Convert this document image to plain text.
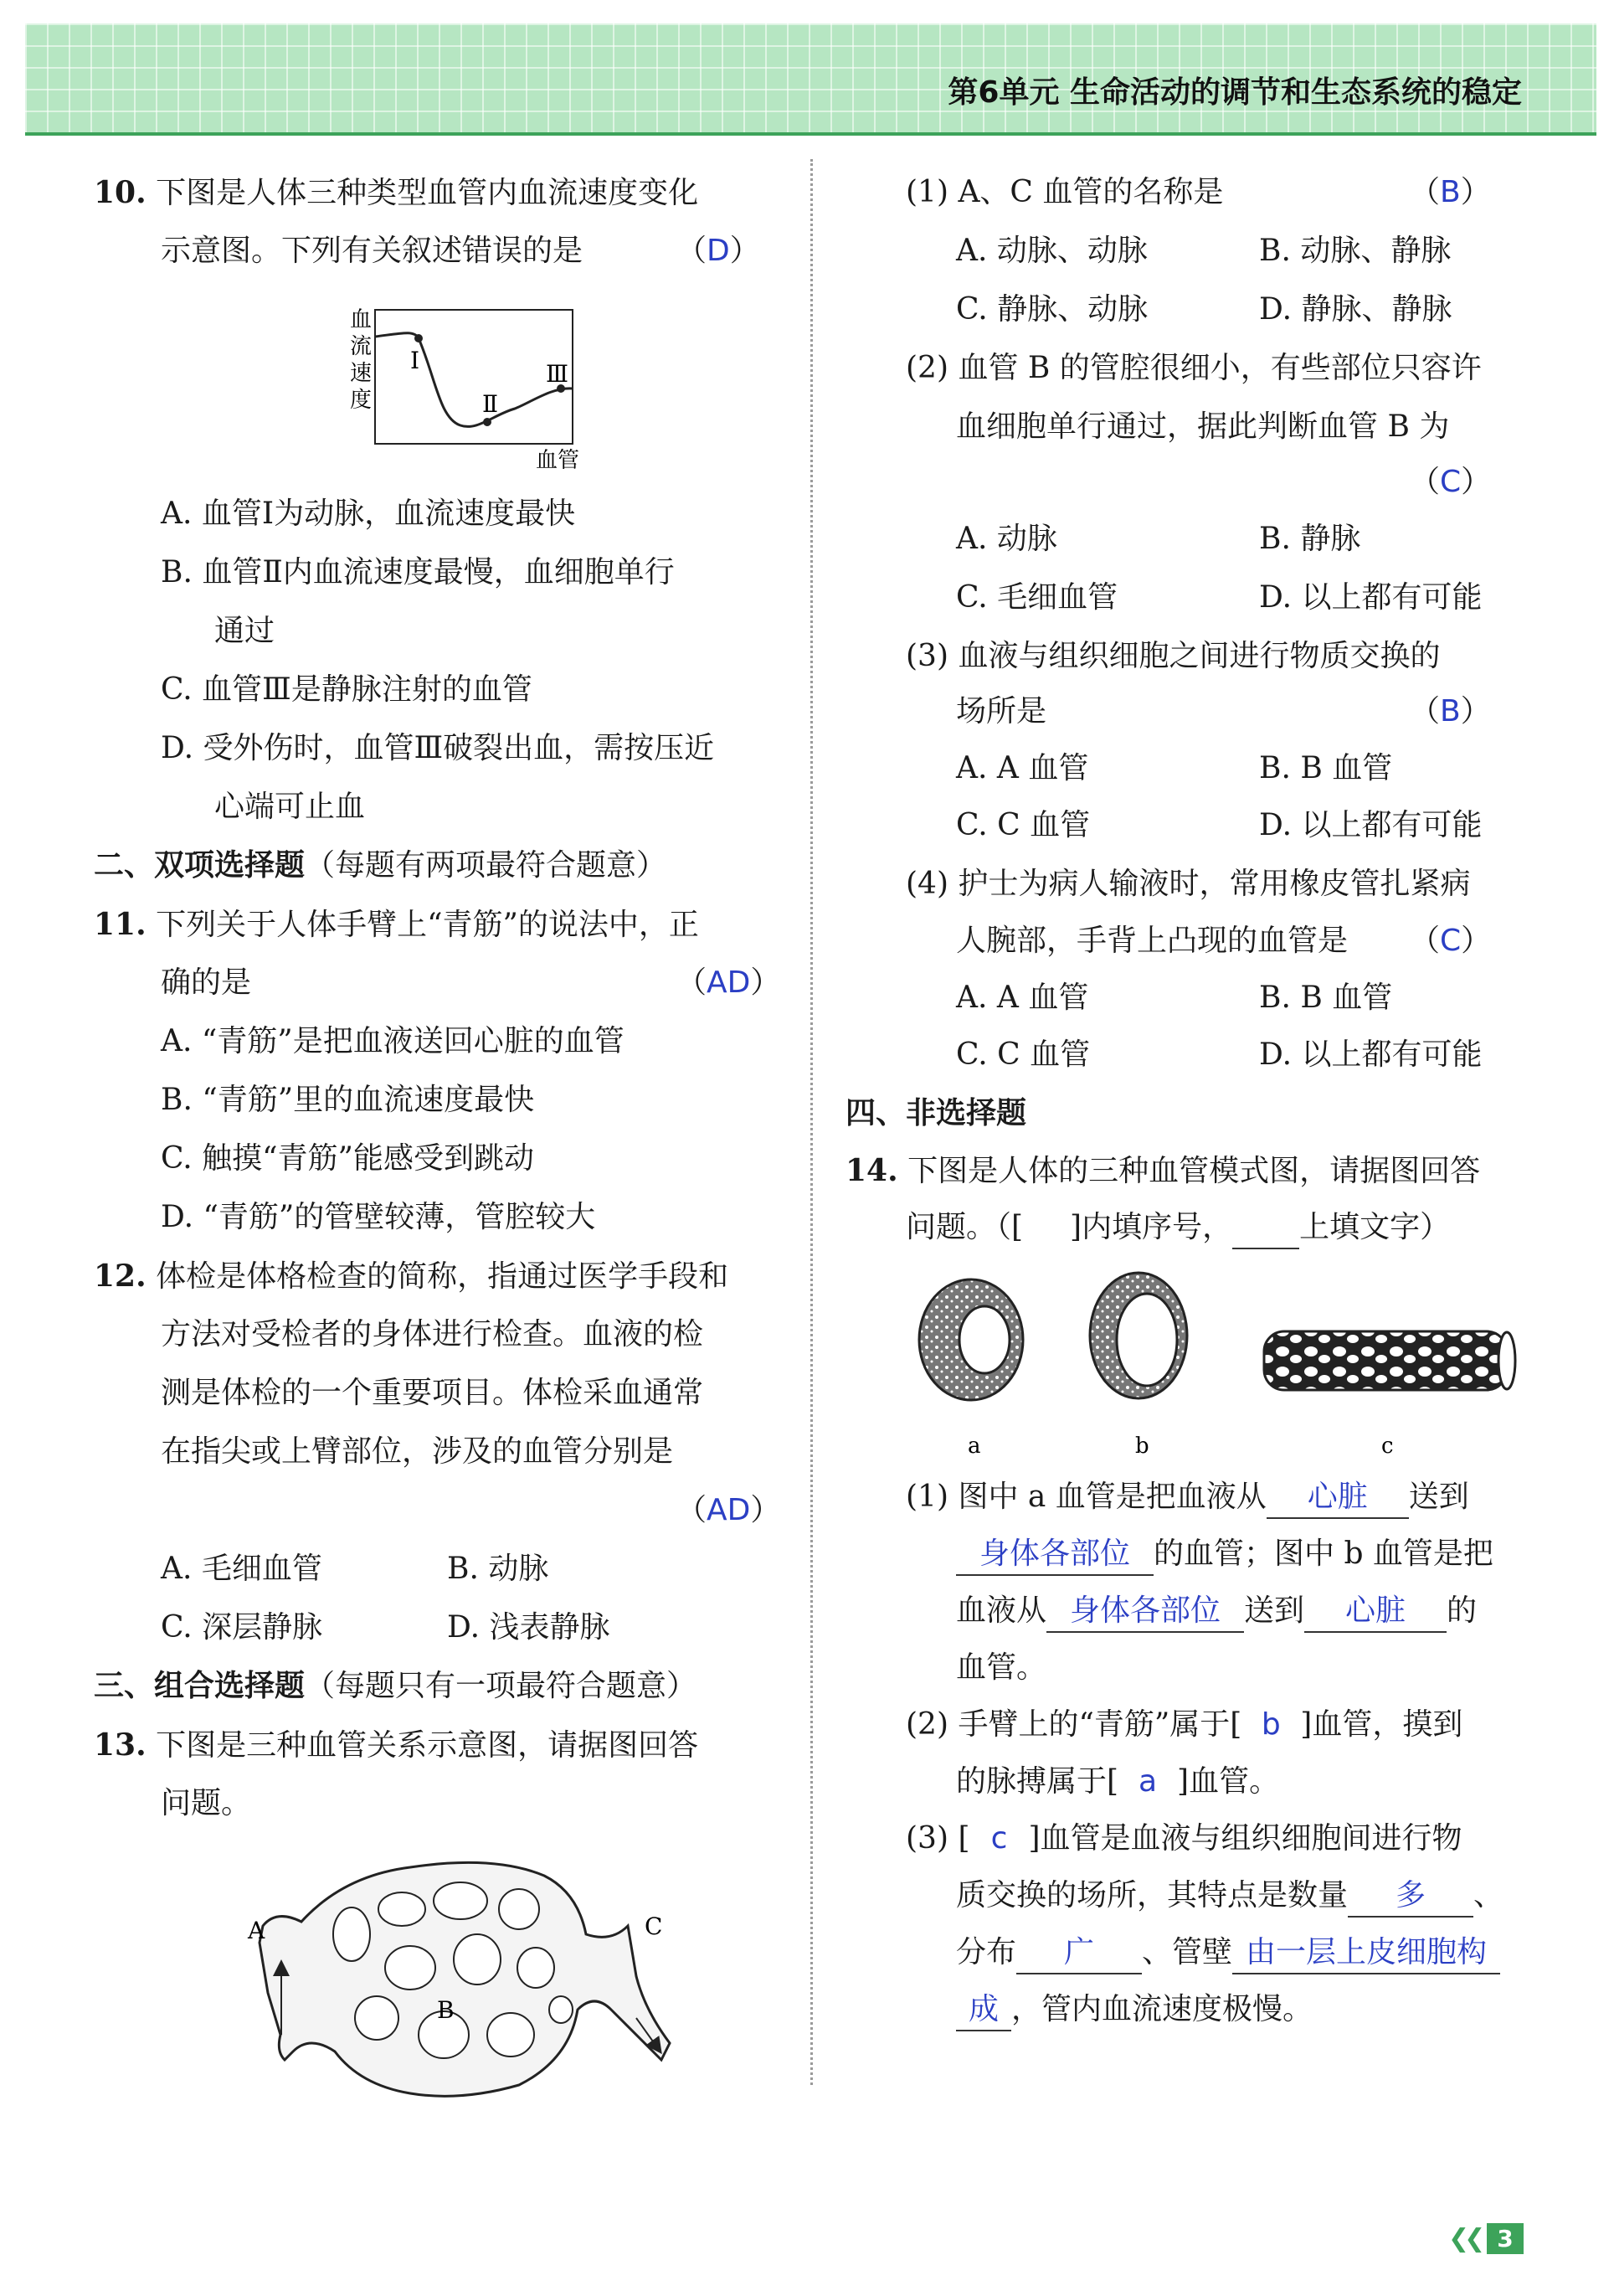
第6单元 生命活动的调节和生态系统的稳定
10. 下图是人体三种类型血管内血流速度变化
示意图。下列有关叙述错误的是	（D）
血
流
速
度
Ⅰ
Ⅱ
Ⅲ
血管
A. 血管Ⅰ为动脉，血流速度最快
B. 血管Ⅱ内血流速度最慢，血细胞单行
通过
C. 血管Ⅲ是静脉注射的血管
D. 受外伤时，血管Ⅲ破裂出血，需按压近
心端可止血
二、双项选择题（每题有两项最符合题意）
11. 下列关于人体手臂上“青筋”的说法中，正
确的是	（AD）
A. “青筋”是把血液送回心脏的血管
B. “青筋”里的血流速度最快
C. 触摸“青筋”能感受到跳动
D. “青筋”的管壁较薄，管腔较大
12. 体检是体格检查的简称，指通过医学手段和
方法对受检者的身体进行检查。血液的检
测是体检的一个重要项目。体检采血通常
在指尖或上臂部位，涉及的血管分别是
（AD）
A. 毛细血管	B. 动脉
C. 深层静脉	D. 浅表静脉
三、组合选择题（每题只有一项最符合题意）
13. 下图是三种血管关系示意图，请据图回答
问题。
A
B
C
(1) A、C 血管的名称是	（B）
A. 动脉、动脉	B. 动脉、静脉
C. 静脉、动脉	D. 静脉、静脉
(2) 血管 B 的管腔很细小，有些部位只容许
血细胞单行通过，据此判断血管 B 为
（C）
A. 动脉	B. 静脉
C. 毛细血管	D. 以上都有可能
(3) 血液与组织细胞之间进行物质交换的
场所是	（B）
A. A 血管	B. B 血管
C. C 血管	D. 以上都有可能
(4) 护士为病人输液时，常用橡皮管扎紧病
人腕部，手背上凸现的血管是 （C）
A. A 血管	B. B 血管
C. C 血管	D. 以上都有可能
四、非选择题
14. 下图是人体的三种血管模式图，请据图回答
问题。（[ ]内填序号， 上填文字）
a	b	c
(1) 图中 a 血管是把血液从 心脏 送到
身体各部位 的血管；图中 b 血管是把
血液从 身体各部位 送到 心脏 的
血管。
(2) 手臂上的“青筋”属于[ b ]血管，摸到
的脉搏属于[ a ]血管。
(3) [ c ]血管是血液与组织细胞间进行物
质交换的场所，其特点是数量 多 、
分布 广 、管壁 由一层上皮细胞构
成 ，管内血流速度极慢。
❮❮ 3
